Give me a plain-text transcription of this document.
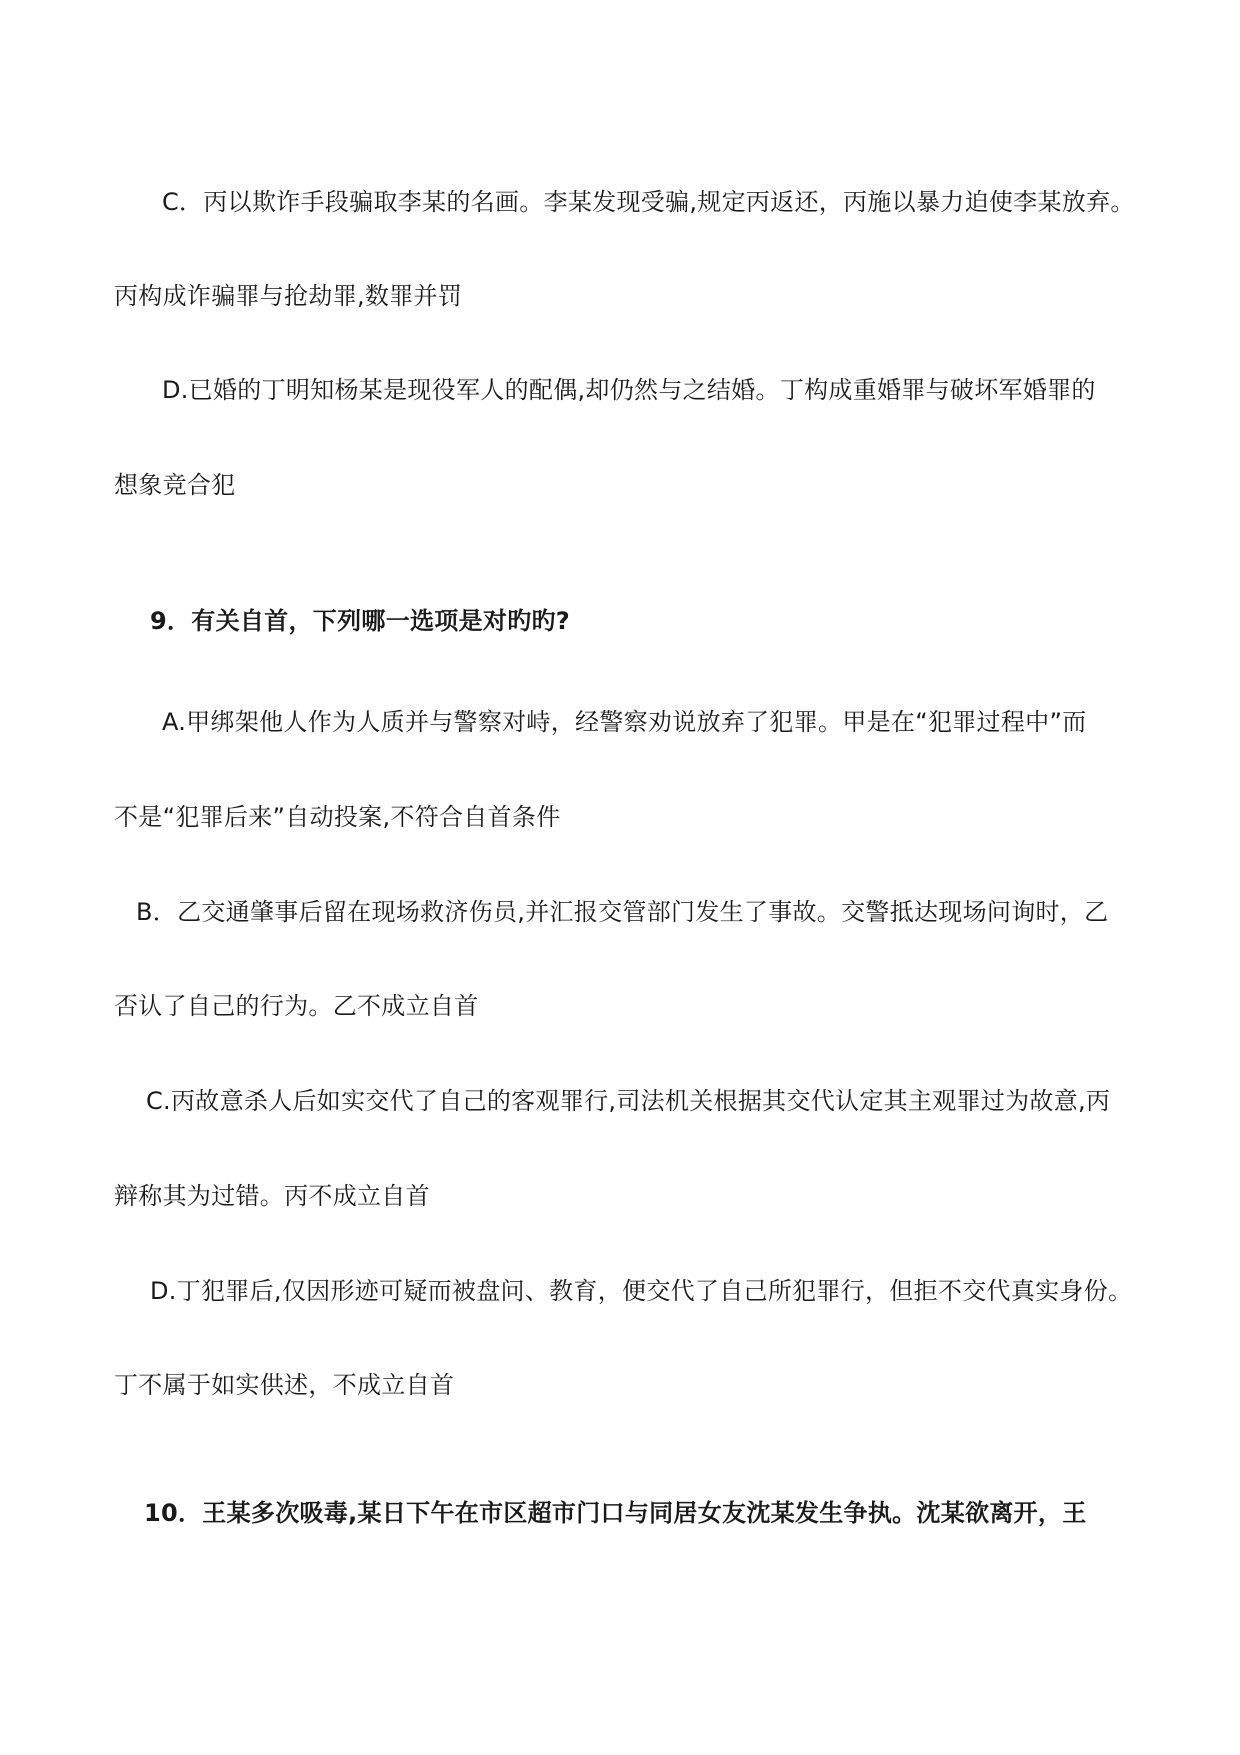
C．丙以欺诈手段骗取李某的名画。李某发现受骗,规定丙返还，丙施以暴力迫使李某放弃。
丙构成诈骗罪与抢劫罪,数罪并罚
D.已婚的丁明知杨某是现役军人的配偶,却仍然与之结婚。丁构成重婚罪与破坏军婚罪的
想象竞合犯
9．有关自首，下列哪一选项是对旳旳?
A.甲绑架他人作为人质并与警察对峙，经警察劝说放弃了犯罪。甲是在“犯罪过程中”而
不是“犯罪后来”自动投案,不符合自首条件
B．乙交通肇事后留在现场救济伤员,并汇报交管部门发生了事故。交警抵达现场问询时，乙
否认了自己的行为。乙不成立自首
C.丙故意杀人后如实交代了自己的客观罪行,司法机关根据其交代认定其主观罪过为故意,丙
辩称其为过错。丙不成立自首
D.丁犯罪后,仅因形迹可疑而被盘问、教育，便交代了自己所犯罪行，但拒不交代真实身份。
丁不属于如实供述，不成立自首
10．王某多次吸毒,某日下午在市区超市门口与同居女友沈某发生争执。沈某欲离开，王
